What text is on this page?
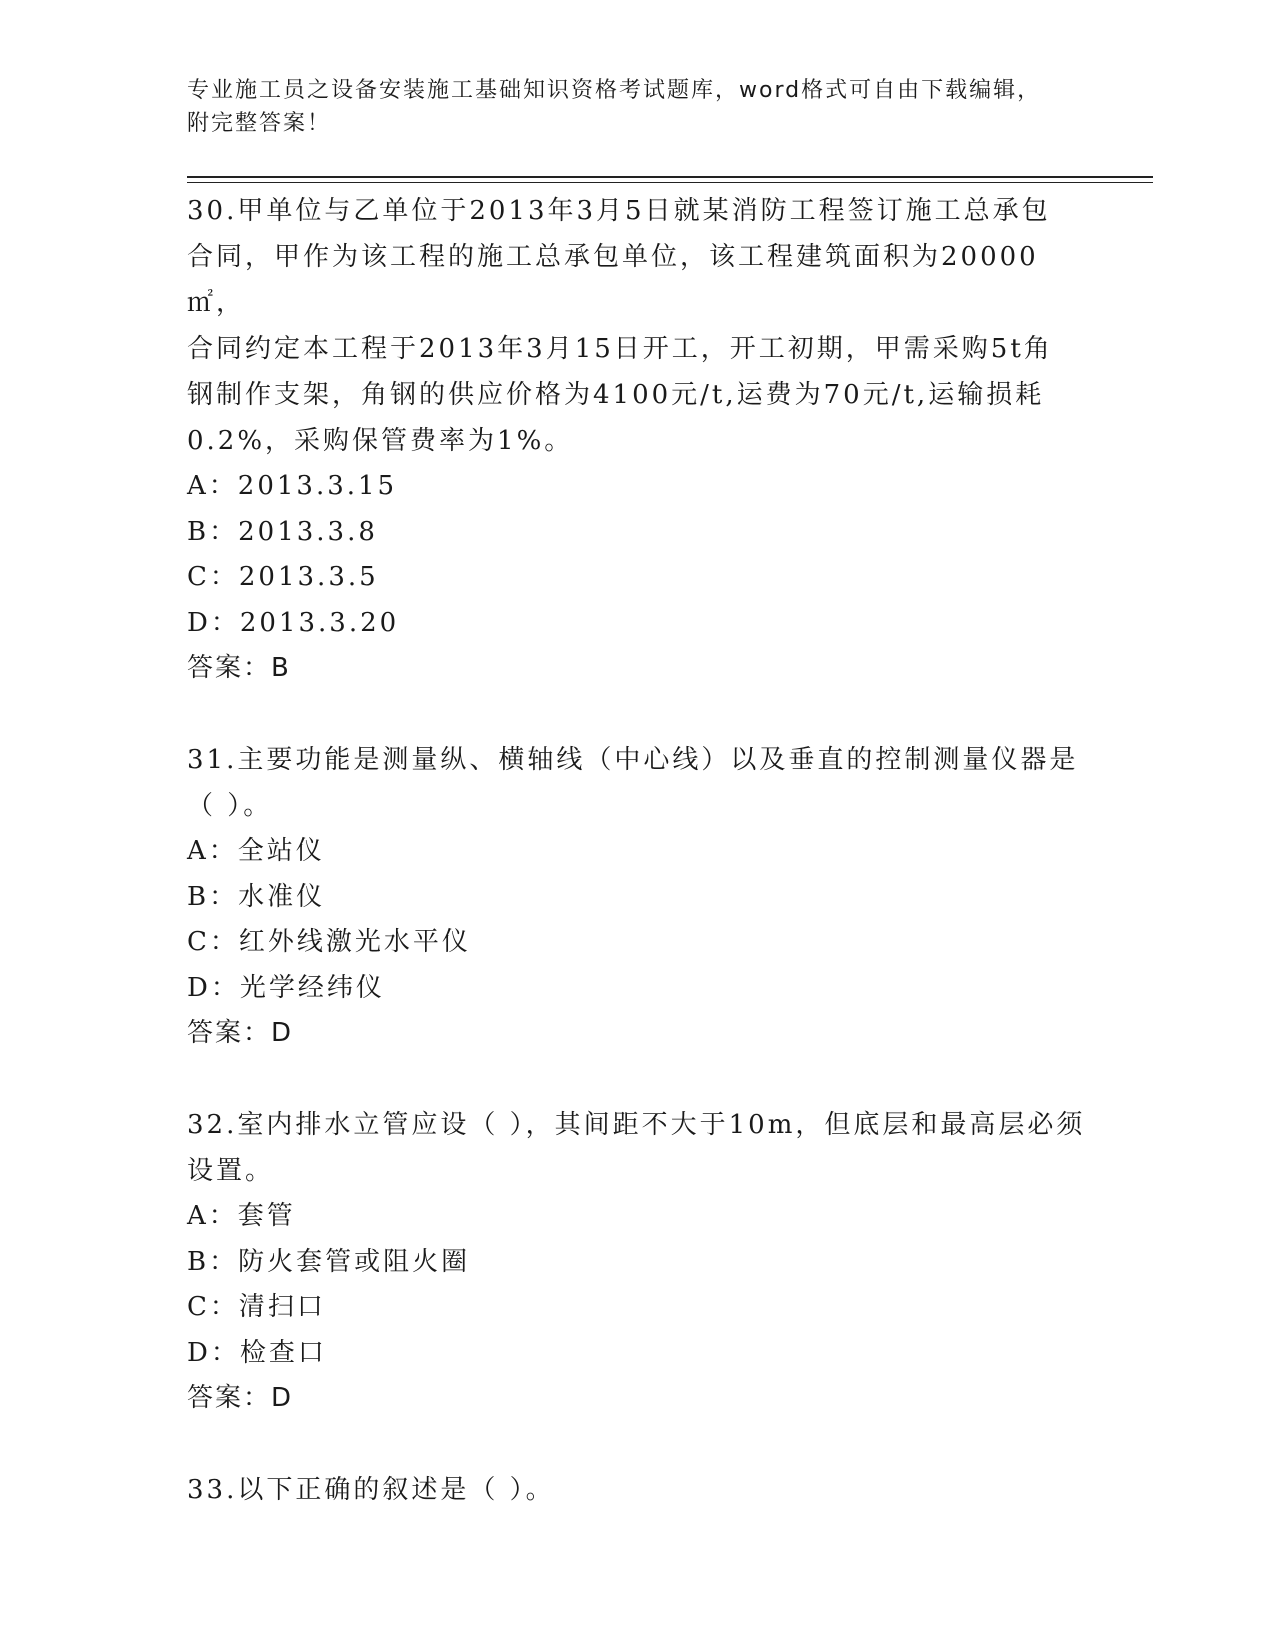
专业施工员之设备安装施工基础知识资格考试题库，word格式可自由下载编辑，
附完整答案！
30.甲单位与乙单位于2013年3月5日就某消防工程签订施工总承包
合同，甲作为该工程的施工总承包单位，该工程建筑面积为20000㎡，
合同约定本工程于2013年3月15日开工，开工初期，甲需采购5t角
钢制作支架，角钢的供应价格为4100元/t,运费为70元/t,运输损耗
0.2%，采购保管费率为1%。
A：2013.3.15
B：2013.3.8
C：2013.3.5
D：2013.3.20
答案：B
31.主要功能是测量纵、横轴线（中心线）以及垂直的控制测量仪器是
（ ）。
A：全站仪
B：水准仪
C：红外线激光水平仪
D：光学经纬仪
答案：D
32.室内排水立管应设（ ），其间距不大于10m，但底层和最高层必须
设置。
A：套管
B：防火套管或阻火圈
C：清扫口
D：检查口
答案：D
33.以下正确的叙述是（ ）。
